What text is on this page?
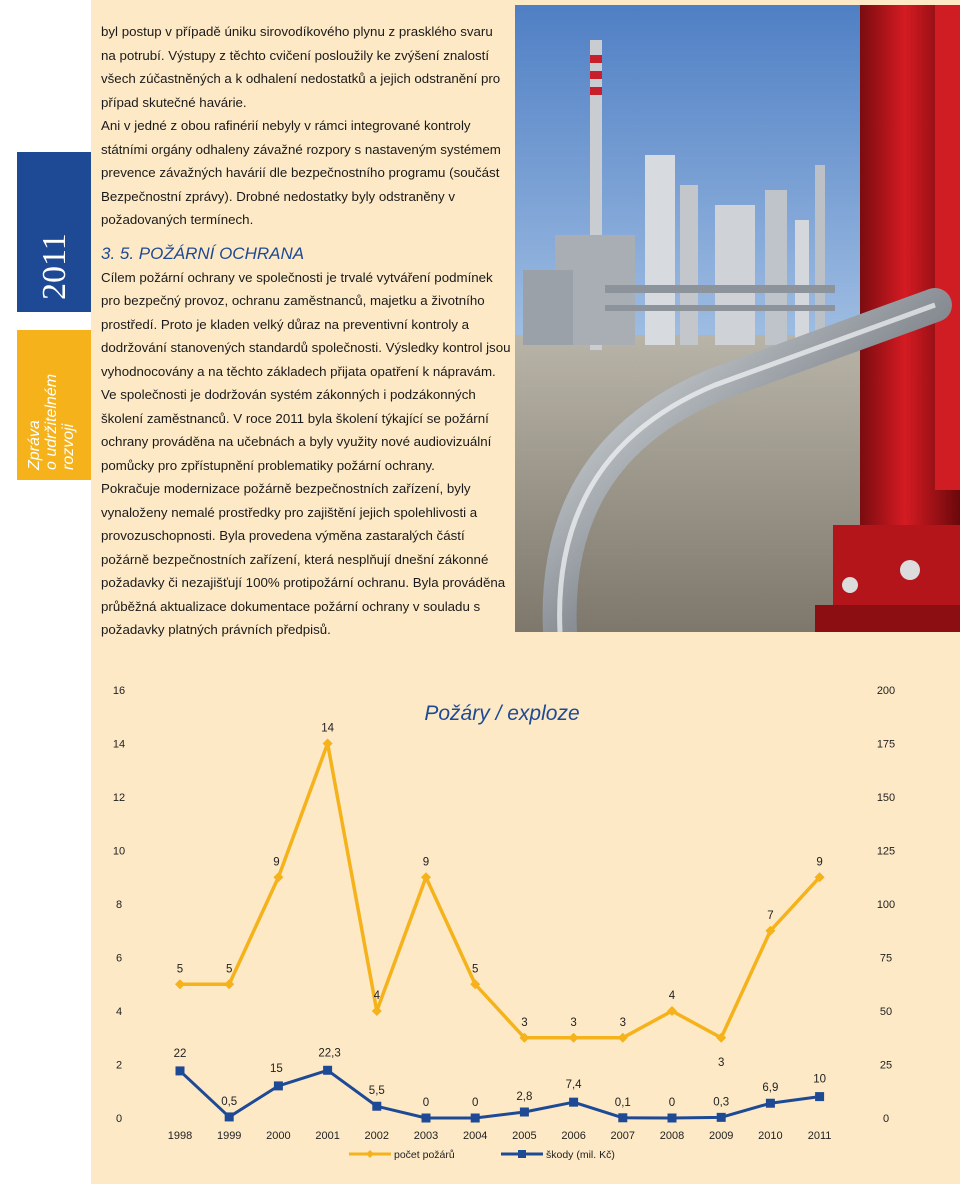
8
2011
Zpráva o udržitelném rozvoji

byl postup v případě úniku sirovodíkového plynu z prasklého svaru na potrubí. Výstupy z těchto cvičení posloužily ke zvýšení znalostí všech zúčastněných a k odhalení nedostatků a jejich odstranění pro případ skutečné havárie.

Ani v jedné z obou rafinérií nebyly v rámci integrované kontroly státními orgány odhaleny závažné rozpory s nastaveným systémem prevence závažných havárií dle bezpečnostního programu (součást Bezpečnostní zprávy). Drobné nedostatky byly odstraněny v požadovaných termínech.

3. 5. POŽÁRNÍ OCHRANA

Cílem požární ochrany ve společnosti je trvalé vytváření podmínek pro bezpečný provoz, ochranu zaměstnanců, majetku a životního prostředí. Proto je kladen velký důraz na preventivní kontroly a dodržování stanovených standardů společnosti. Výsledky kontrol jsou vyhodnocovány a na těchto základech přijata opatření k nápravám. Ve společnosti je dodržován systém zákonných i podzákonných školení zaměstnanců. V roce 2011 byla školení týkající se požární ochrany prováděna na učebnách a byly využity nové audiovizuální pomůcky pro zpřístupnění problematiky požární ochrany.

Pokračuje modernizace požárně bezpečnostních zařízení, byly vynaloženy nemalé prostředky pro zajištění jejich spolehlivosti a provozuschopnosti. Byla provedena výměna zastaralých částí požárně bezpečnostních zařízení, která nesplňují dnešní zákonné požadavky či nezajišťují 100% protipožární ochranu. Byla prováděna průběžná aktualizace dokumentace požární ochrany v souladu s požadavky platných právních předpisů.

Požáry / exploze
0
2
4
6
8
10
12
14
16
0
25
50
75
100
125
150
175
200
1998 1999 2000 2001 2002 2003 2004 2005 2006 2007 2008 2009 2010 2011
5	5
9
14
4
9
5
3	3	3
4
3
7
9
22
0,5
15
22,3
5,5
0	0	2,8
7,4
0,1	0	0,3
6,9
10
počet požárů	škody (mil. Kč)
